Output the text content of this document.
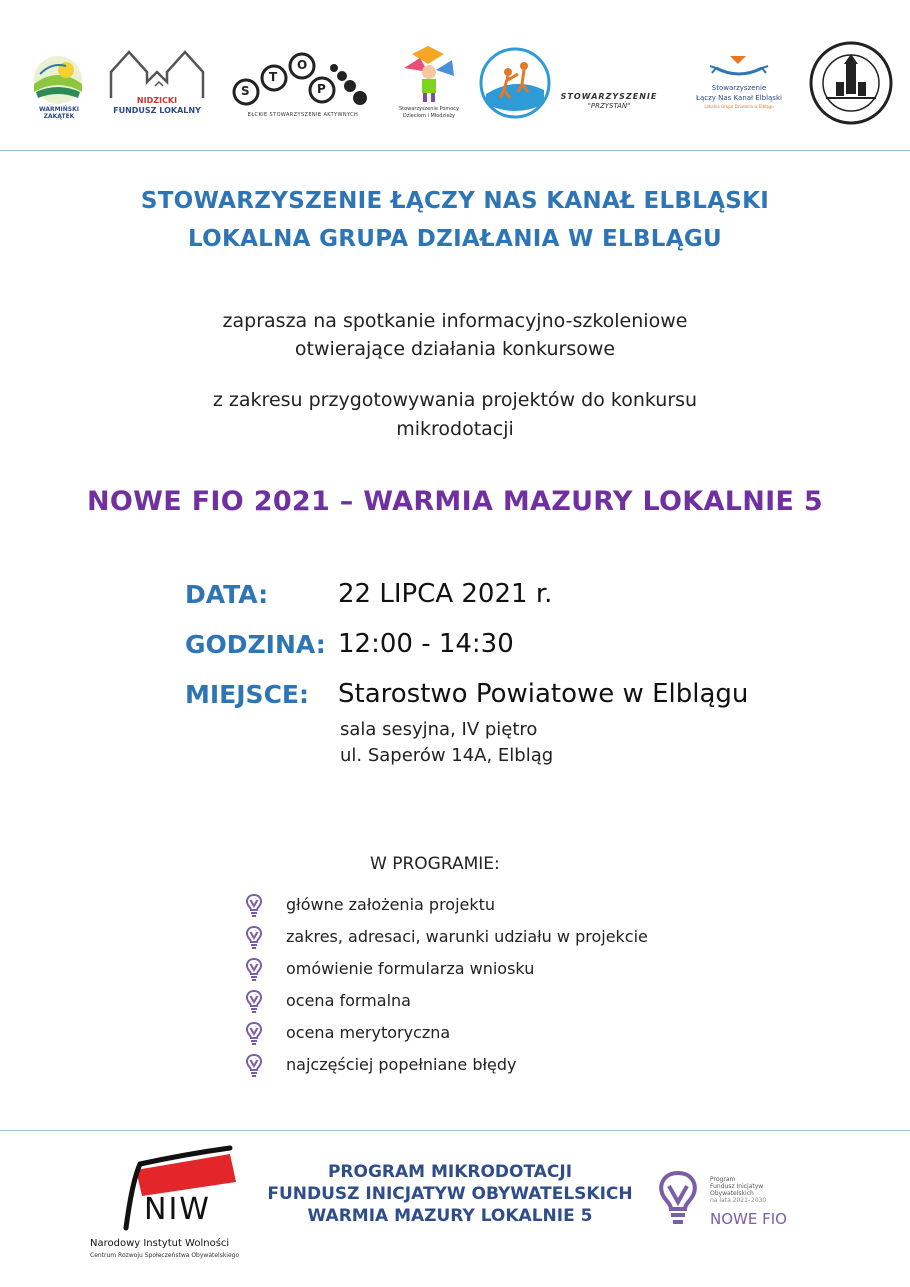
WARMIŃSKI ZAKĄTEK
NIDZICKI
FUNDUSZ LOKALNY
S
T
O
P
EŁCKIE STOWARZYSZENIE AKTYWNYCH
Stowarzyszenie Pomocy
Dzieciom i Młodzieży
STOWARZYSZENIE
"PRZYSTAŃ"
Stowarzyszenie
Łączy Nas Kanał Elbląski
Lokalna Grupa Działania w Elblągu
STOWARZYSZENIE ŁĄCZY NAS KANAŁ ELBLĄSKI
LOKALNA GRUPA DZIAŁANIA W ELBLĄGU
zaprasza na spotkanie informacyjno-szkoleniowe
otwierające działania konkursowe
z zakresu przygotowywania projektów do konkursu
mikrodotacji
NOWE FIO 2021 – WARMIA MAZURY LOKALNIE 5
DATA:	22 LIPCA 2021 r.
GODZINA: 12:00 - 14:30
MIEJSCE: Starostwo Powiatowe w Elblągu
sala sesyjna, IV piętro
ul. Saperów 14A, Elbląg
W PROGRAMIE:
główne założenia projektu
zakres, adresaci, warunki udziału w projekcie
omówienie formularza wniosku
ocena formalna
ocena merytoryczna
najczęściej popełniane błędy
NIW
Narodowy Instytut Wolności
Centrum Rozwoju Społeczeństwa Obywatelskiego
PROGRAM MIKRODOTACJI
FUNDUSZ INICJATYW OBYWATELSKICH
WARMIA MAZURY LOKALNIE 5
Program
Fundusz Inicjatyw
Obywatelskich
na lata 2021–2030
NOWE FIO
